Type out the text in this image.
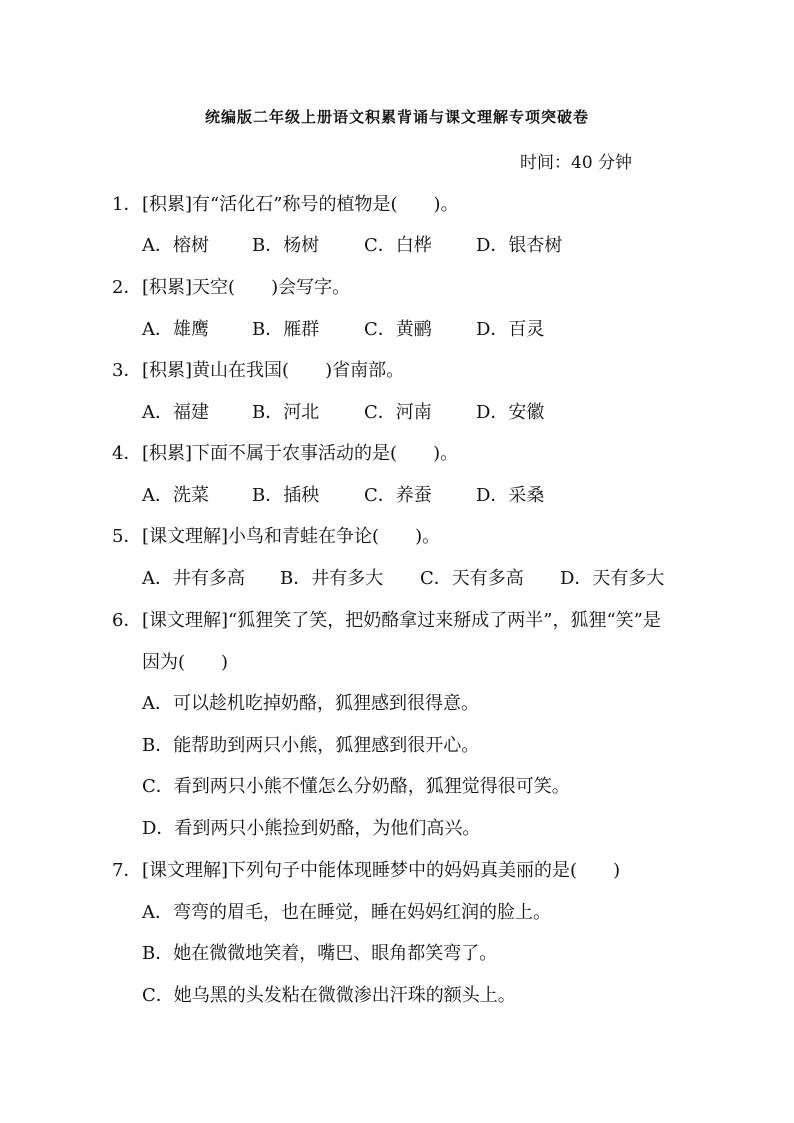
统编版二年级上册语文积累背诵与课文理解专项突破卷
时间：40 分钟
1．[积累]有“活化石”称号的植物是(　　)。
A．榕树 B．杨树 C．白桦 D．银杏树
2．[积累]天空(　　)会写字。
A．雄鹰 B．雁群 C．黄鹂 D．百灵
3．[积累]黄山在我国(　　)省南部。
A．福建 B．河北 C．河南 D．安徽
4．[积累]下面不属于农事活动的是(　　)。
A．洗菜 B．插秧 C．养蚕 D．采桑
5．[课文理解]小鸟和青蛙在争论(　　)。
A．井有多高 B．井有多大 C．天有多高 D．天有多大
6．[课文理解]“狐狸笑了笑，把奶酪拿过来掰成了两半”，狐狸“笑”是
因为(　　)
A．可以趁机吃掉奶酪，狐狸感到很得意。
B．能帮助到两只小熊，狐狸感到很开心。
C．看到两只小熊不懂怎么分奶酪，狐狸觉得很可笑。
D．看到两只小熊捡到奶酪，为他们高兴。
7．[课文理解]下列句子中能体现睡梦中的妈妈真美丽的是(　　)
A．弯弯的眉毛，也在睡觉，睡在妈妈红润的脸上。
B．她在微微地笑着，嘴巴、眼角都笑弯了。
C．她乌黑的头发粘在微微渗出汗珠的额头上。
